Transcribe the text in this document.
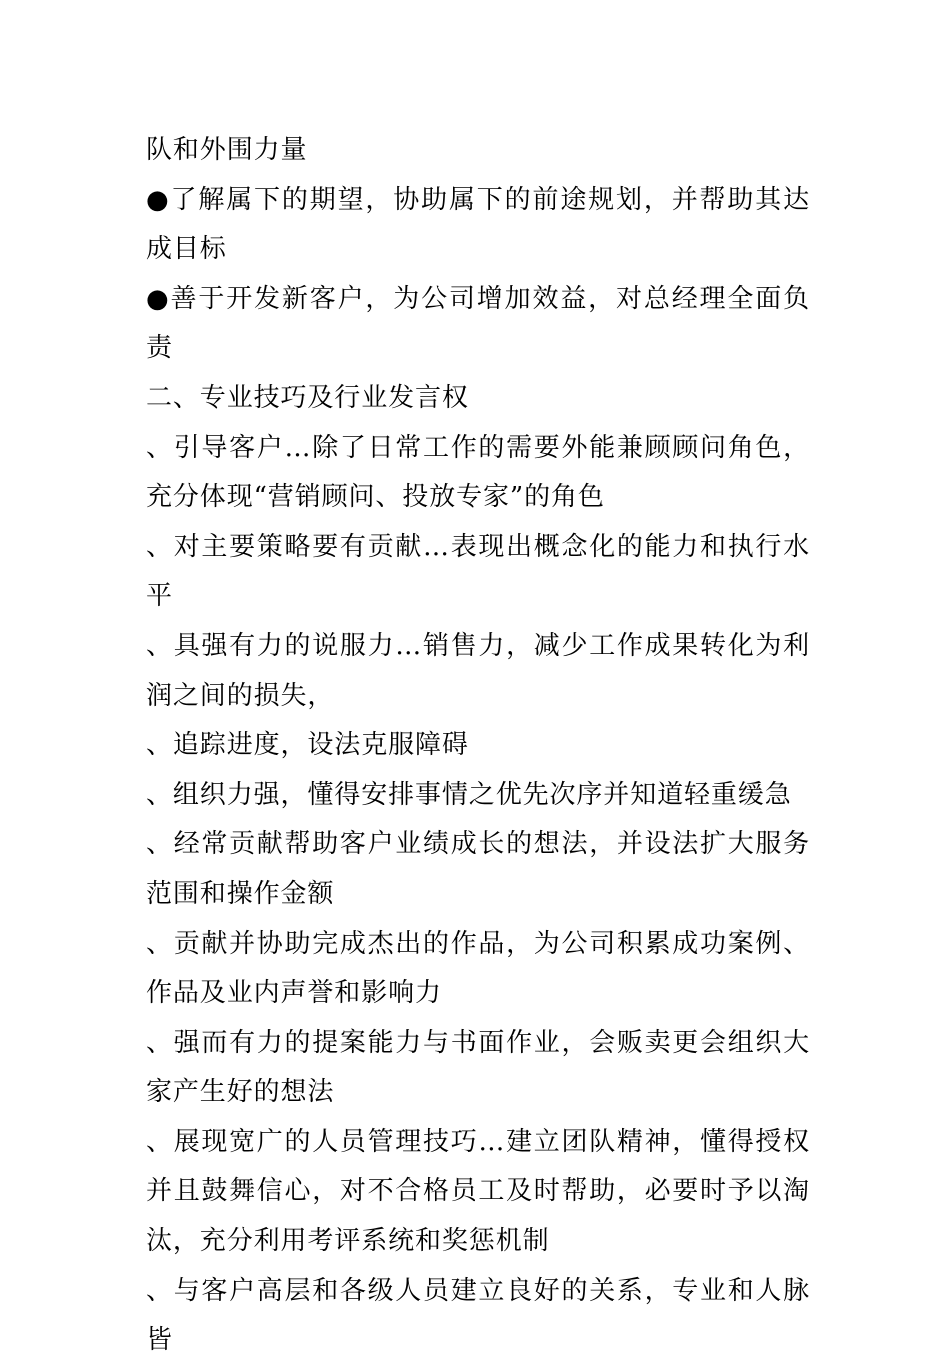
队和外围力量

●了解属下的期望，协助属下的前途规划，并帮助其达成目标

●善于开发新客户，为公司增加效益，对总经理全面负责

二、专业技巧及行业发言权

、引导客户…除了日常工作的需要外能兼顾顾问角色，充分体现“营销顾问、投放专家”的角色

、对主要策略要有贡献…表现出概念化的能力和执行水平

、具强有力的说服力…销售力，减少工作成果转化为利润之间的损失，

、追踪进度，设法克服障碍

、组织力强，懂得安排事情之优先次序并知道轻重缓急

、经常贡献帮助客户业绩成长的想法，并设法扩大服务范围和操作金额

、贡献并协助完成杰出的作品，为公司积累成功案例、作品及业内声誉和影响力

、强而有力的提案能力与书面作业，会贩卖更会组织大家产生好的想法

、展现宽广的人员管理技巧…建立团队精神，懂得授权并且鼓舞信心，对不合格员工及时帮助，必要时予以淘汰，充分利用考评系统和奖惩机制

、与客户高层和各级人员建立良好的关系，专业和人脉皆
